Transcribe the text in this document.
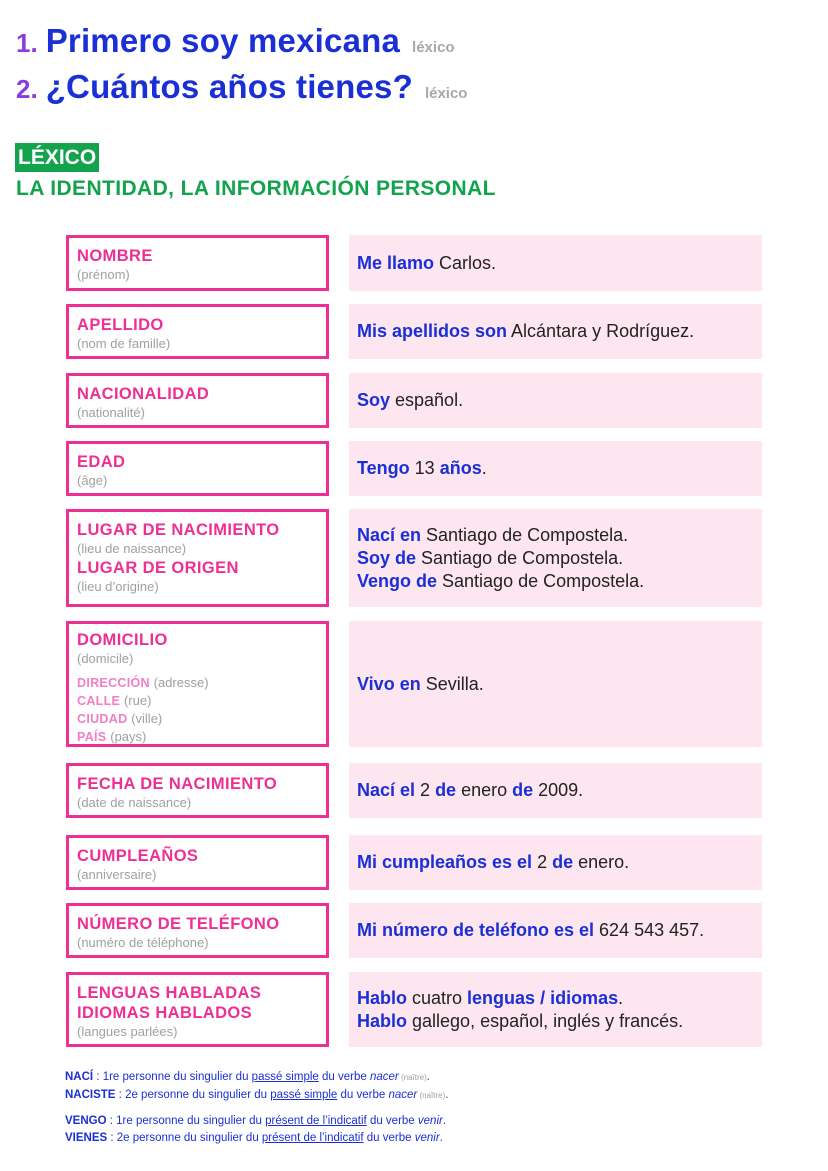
1. Primero soy mexicana léxico
2. ¿Cuántos años tienes? léxico
LÉXICO
LA IDENTIDAD, LA INFORMACIÓN PERSONAL
NOMBRE
(prénom)
Me llamo Carlos.
APELLIDO
(nom de famille)
Mis apellidos son Alcántara y Rodríguez.
NACIONALIDAD
(nationalité)
Soy español.
EDAD
(âge)
Tengo 13 años.
LUGAR DE NACIMIENTO
(lieu de naissance)
LUGAR DE ORIGEN
(lieu d’origine)
Nací en Santiago de Compostela.
Soy de Santiago de Compostela.
Vengo de Santiago de Compostela.
DOMICILIO
(domicile)
DIRECCIÓN (adresse)
CALLE (rue)
CIUDAD (ville)
PAÍS (pays)
Vivo en Sevilla.
FECHA DE NACIMIENTO
(date de naissance)
Nací el 2 de enero de 2009.
CUMPLEAÑOS
(anniversaire)
Mi cumpleaños es el 2 de enero.
NÚMERO DE TELÉFONO
(numéro de téléphone)
Mi número de teléfono es el 624 543 457.
LENGUAS HABLADAS
IDIOMAS HABLADOS
(langues parlées)
Hablo cuatro lenguas / idiomas.
Hablo gallego, español, inglés y francés.
NACÍ : 1re personne du singulier du passé simple du verbe nacer (naître).
NACISTE : 2e personne du singulier du passé simple du verbe nacer (naître).
VENGO : 1re personne du singulier du présent de l’indicatif du verbe venir.
VIENES : 2e personne du singulier du présent de l’indicatif du verbe venir.
